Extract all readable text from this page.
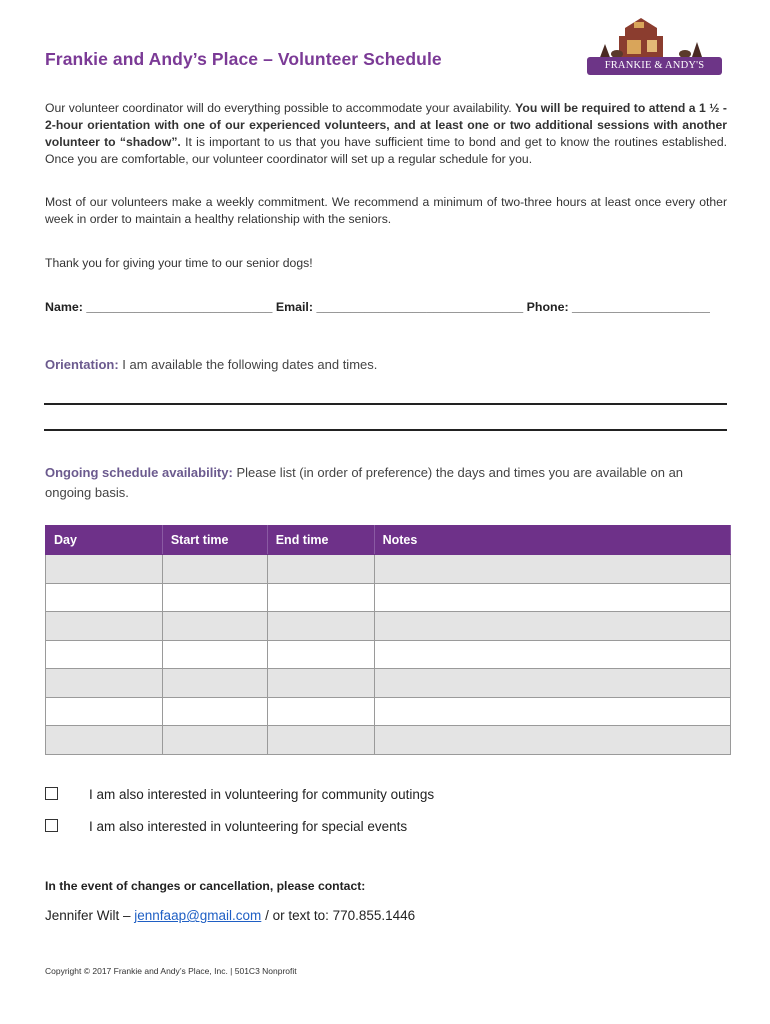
Frankie and Andy’s Place – Volunteer Schedule	FRANKIE & ANDY'S PLACE
Our volunteer coordinator will do everything possible to accommodate your availability. You will be required to attend a 1 ½ - 2-hour orientation with one of our experienced volunteers, and at least one or two additional sessions with another volunteer to “shadow”. It is important to us that you have sufficient time to bond and get to know the routines established. Once you are comfortable, our volunteer coordinator will set up a regular schedule for you.
Most of our volunteers make a weekly commitment. We recommend a minimum of two-three hours at least once every other week in order to maintain a healthy relationship with the seniors.
Thank you for giving your time to our senior dogs!
Name: ___________________________ Email: ______________________________ Phone: ____________________
Orientation: I am available the following dates and times.
Ongoing schedule availability: Please list (in order of preference) the days and times you are available on an ongoing basis.
Day	Start time	End time	Notes

I am also interested in volunteering for community outings
I am also interested in volunteering for special events
In the event of changes or cancellation, please contact:
Jennifer Wilt – jennfaap@gmail.com / or text to: 770.855.1446
Copyright © 2017 Frankie and Andy’s Place, Inc. | 501C3 Nonprofit
